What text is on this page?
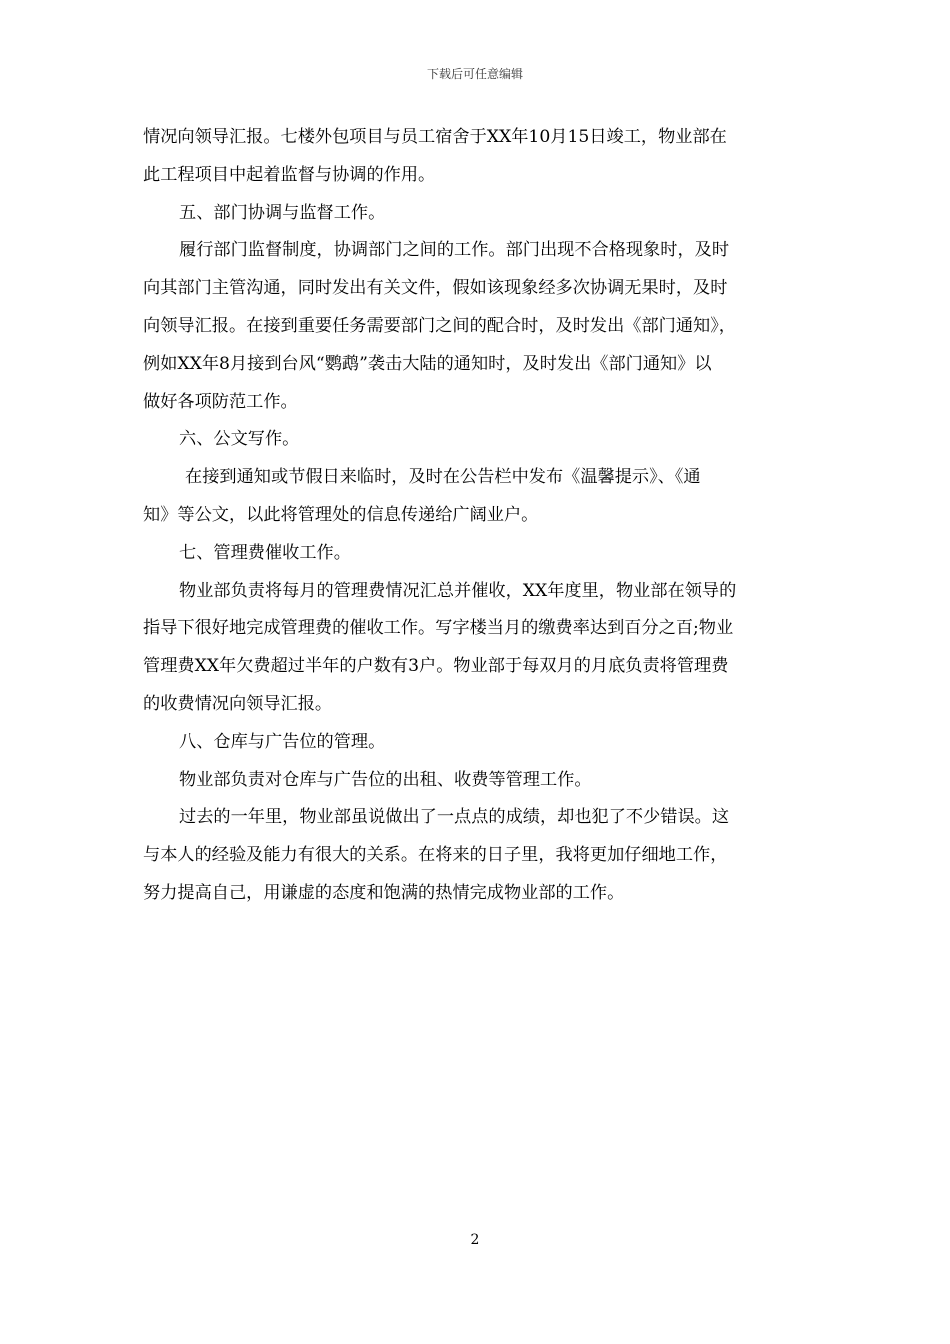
下载后可任意编辑
情况向领导汇报。七楼外包项目与员工宿舍于XX年10月15日竣工，物业部在
此工程项目中起着监督与协调的作用。
五、部门协调与监督工作。
履行部门监督制度，协调部门之间的工作。部门出现不合格现象时，及时
向其部门主管沟通，同时发出有关文件，假如该现象经多次协调无果时，及时
向领导汇报。在接到重要任务需要部门之间的配合时，及时发出《部门通知》，
例如XX年8月接到台风“鹦鹉”袭击大陆的通知时，及时发出《部门通知》以
做好各项防范工作。
六、公文写作。
在接到通知或节假日来临时，及时在公告栏中发布《温馨提示》、《通
知》等公文，以此将管理处的信息传递给广阔业户。
七、管理费催收工作。
物业部负责将每月的管理费情况汇总并催收，XX年度里，物业部在领导的
指导下很好地完成管理费的催收工作。写字楼当月的缴费率达到百分之百;物业
管理费XX年欠费超过半年的户数有3户。物业部于每双月的月底负责将管理费
的收费情况向领导汇报。
八、仓库与广告位的管理。
物业部负责对仓库与广告位的出租、收费等管理工作。
过去的一年里，物业部虽说做出了一点点的成绩，却也犯了不少错误。这
与本人的经验及能力有很大的关系。在将来的日子里，我将更加仔细地工作，
努力提高自己，用谦虚的态度和饱满的热情完成物业部的工作。
2
